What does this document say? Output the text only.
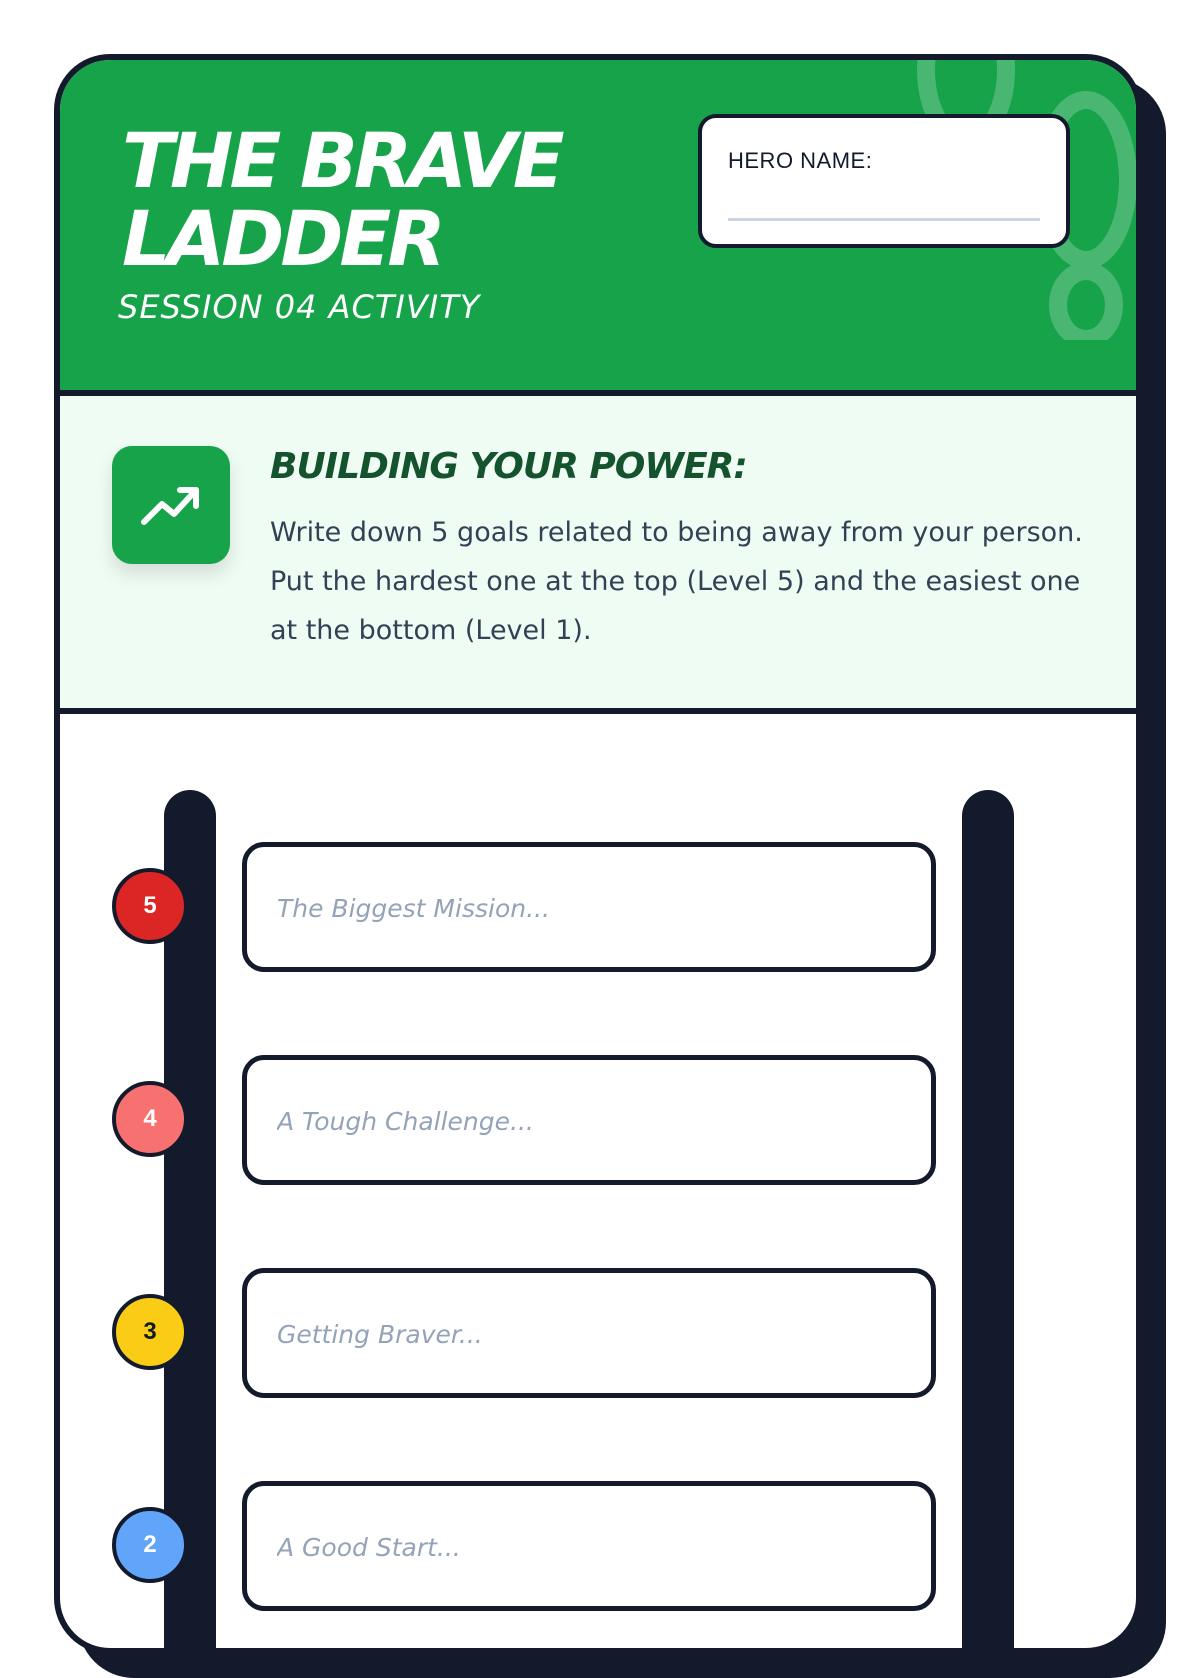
THE BRAVE LADDER
SESSION 04 ACTIVITY
HERO NAME:
BUILDING YOUR POWER:

Write down 5 goals related to being away from your person. Put the hardest one at the top (Level 5) and the easiest one at the bottom (Level 1).

The Biggest Mission...
5
A Tough Challenge...
4
Getting Braver...
3
A Good Start...
2
